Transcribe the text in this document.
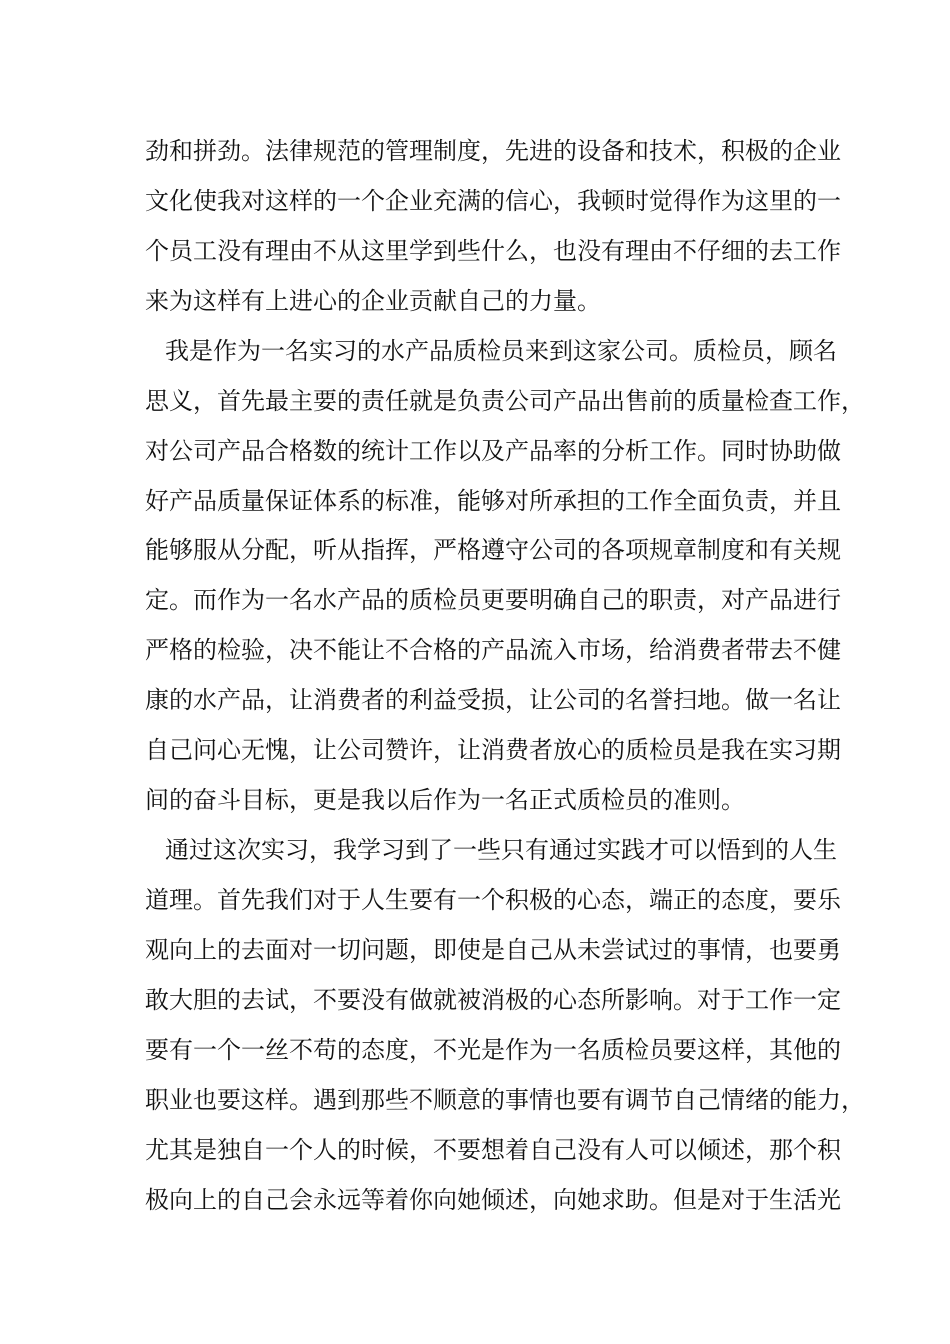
劲和拼劲。法律规范的管理制度，先进的设备和技术，积极的企业
文化使我对这样的一个企业充满的信心，我顿时觉得作为这里的一
个员工没有理由不从这里学到些什么，也没有理由不仔细的去工作
来为这样有上进心的企业贡献自己的力量。
我是作为一名实习的水产品质检员来到这家公司。质检员，顾名
思义，首先最主要的责任就是负责公司产品出售前的质量检查工作，
对公司产品合格数的统计工作以及产品率的分析工作。同时协助做
好产品质量保证体系的标准，能够对所承担的工作全面负责，并且
能够服从分配，听从指挥，严格遵守公司的各项规章制度和有关规
定。而作为一名水产品的质检员更要明确自己的职责，对产品进行
严格的检验，决不能让不合格的产品流入市场，给消费者带去不健
康的水产品，让消费者的利益受损，让公司的名誉扫地。做一名让
自己问心无愧，让公司赞许，让消费者放心的质检员是我在实习期
间的奋斗目标，更是我以后作为一名正式质检员的准则。
通过这次实习，我学习到了一些只有通过实践才可以悟到的人生
道理。首先我们对于人生要有一个积极的心态，端正的态度，要乐
观向上的去面对一切问题，即使是自己从未尝试过的事情，也要勇
敢大胆的去试，不要没有做就被消极的心态所影响。对于工作一定
要有一个一丝不苟的态度，不光是作为一名质检员要这样，其他的
职业也要这样。遇到那些不顺意的事情也要有调节自己情绪的能力，
尤其是独自一个人的时候，不要想着自己没有人可以倾述，那个积
极向上的自己会永远等着你向她倾述，向她求助。但是对于生活光
